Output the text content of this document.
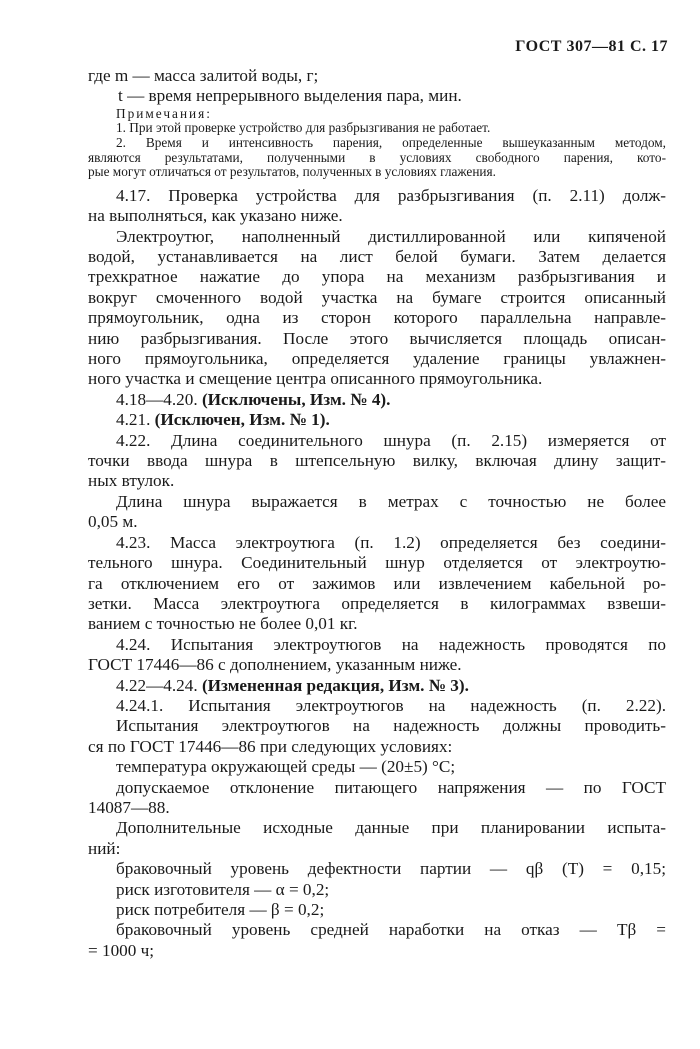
ГОСТ 307—81 С. 17
где m — масса залитой воды, г;
t — время непрерывного выделения пара, мин.
Примечания:
1. При этой проверке устройство для разбрызгивания не работает.
2. Время и интенсивность парения, определенные вышеуказанным методом,
являются результатами, полученными в условиях свободного парения, кото-
рые могут отличаться от результатов, полученных в условиях глажения.
4.17. Проверка устройства для разбрызгивания (п. 2.11) долж-
на выполняться, как указано ниже.
Электроутюг, наполненный дистиллированной или кипяченой
водой, устанавливается на лист белой бумаги. Затем делается
трехкратное нажатие до упора на механизм разбрызгивания и
вокруг смоченного водой участка на бумаге строится описанный
прямоугольник, одна из сторон которого параллельна направле-
нию разбрызгивания. После этого вычисляется площадь описан-
ного прямоугольника, определяется удаление границы увлажнен-
ного участка и смещение центра описанного прямоугольника.
4.18—4.20. (Исключены, Изм. № 4).
4.21. (Исключен, Изм. № 1).
4.22. Длина соединительного шнура (п. 2.15) измеряется от
точки ввода шнура в штепсельную вилку, включая длину защит-
ных втулок.
Длина шнура выражается в метрах с точностью не более
0,05 м.
4.23. Масса электроутюга (п. 1.2) определяется без соедини-
тельного шнура. Соединительный шнур отделяется от электроутю-
га отключением его от зажимов или извлечением кабельной ро-
зетки. Масса электроутюга определяется в килограммах взвеши-
ванием с точностью не более 0,01 кг.
4.24. Испытания электроутюгов на надежность проводятся по
ГОСТ 17446—86 с дополнением, указанным ниже.
4.22—4.24. (Измененная редакция, Изм. № 3).
4.24.1. Испытания электроутюгов на надежность (п. 2.22).
Испытания электроутюгов на надежность должны проводить-
ся по ГОСТ 17446—86 при следующих условиях:
температура окружающей среды — (20±5) °С;
допускаемое отклонение питающего напряжения — по ГОСТ
14087—88.
Дополнительные исходные данные при планировании испыта-
ний:
браковочный уровень дефектности партии — qβ (T) = 0,15;
риск изготовителя — α = 0,2;
риск потребителя — β = 0,2;
браковочный уровень средней наработки на отказ — Tβ =
= 1000 ч;
